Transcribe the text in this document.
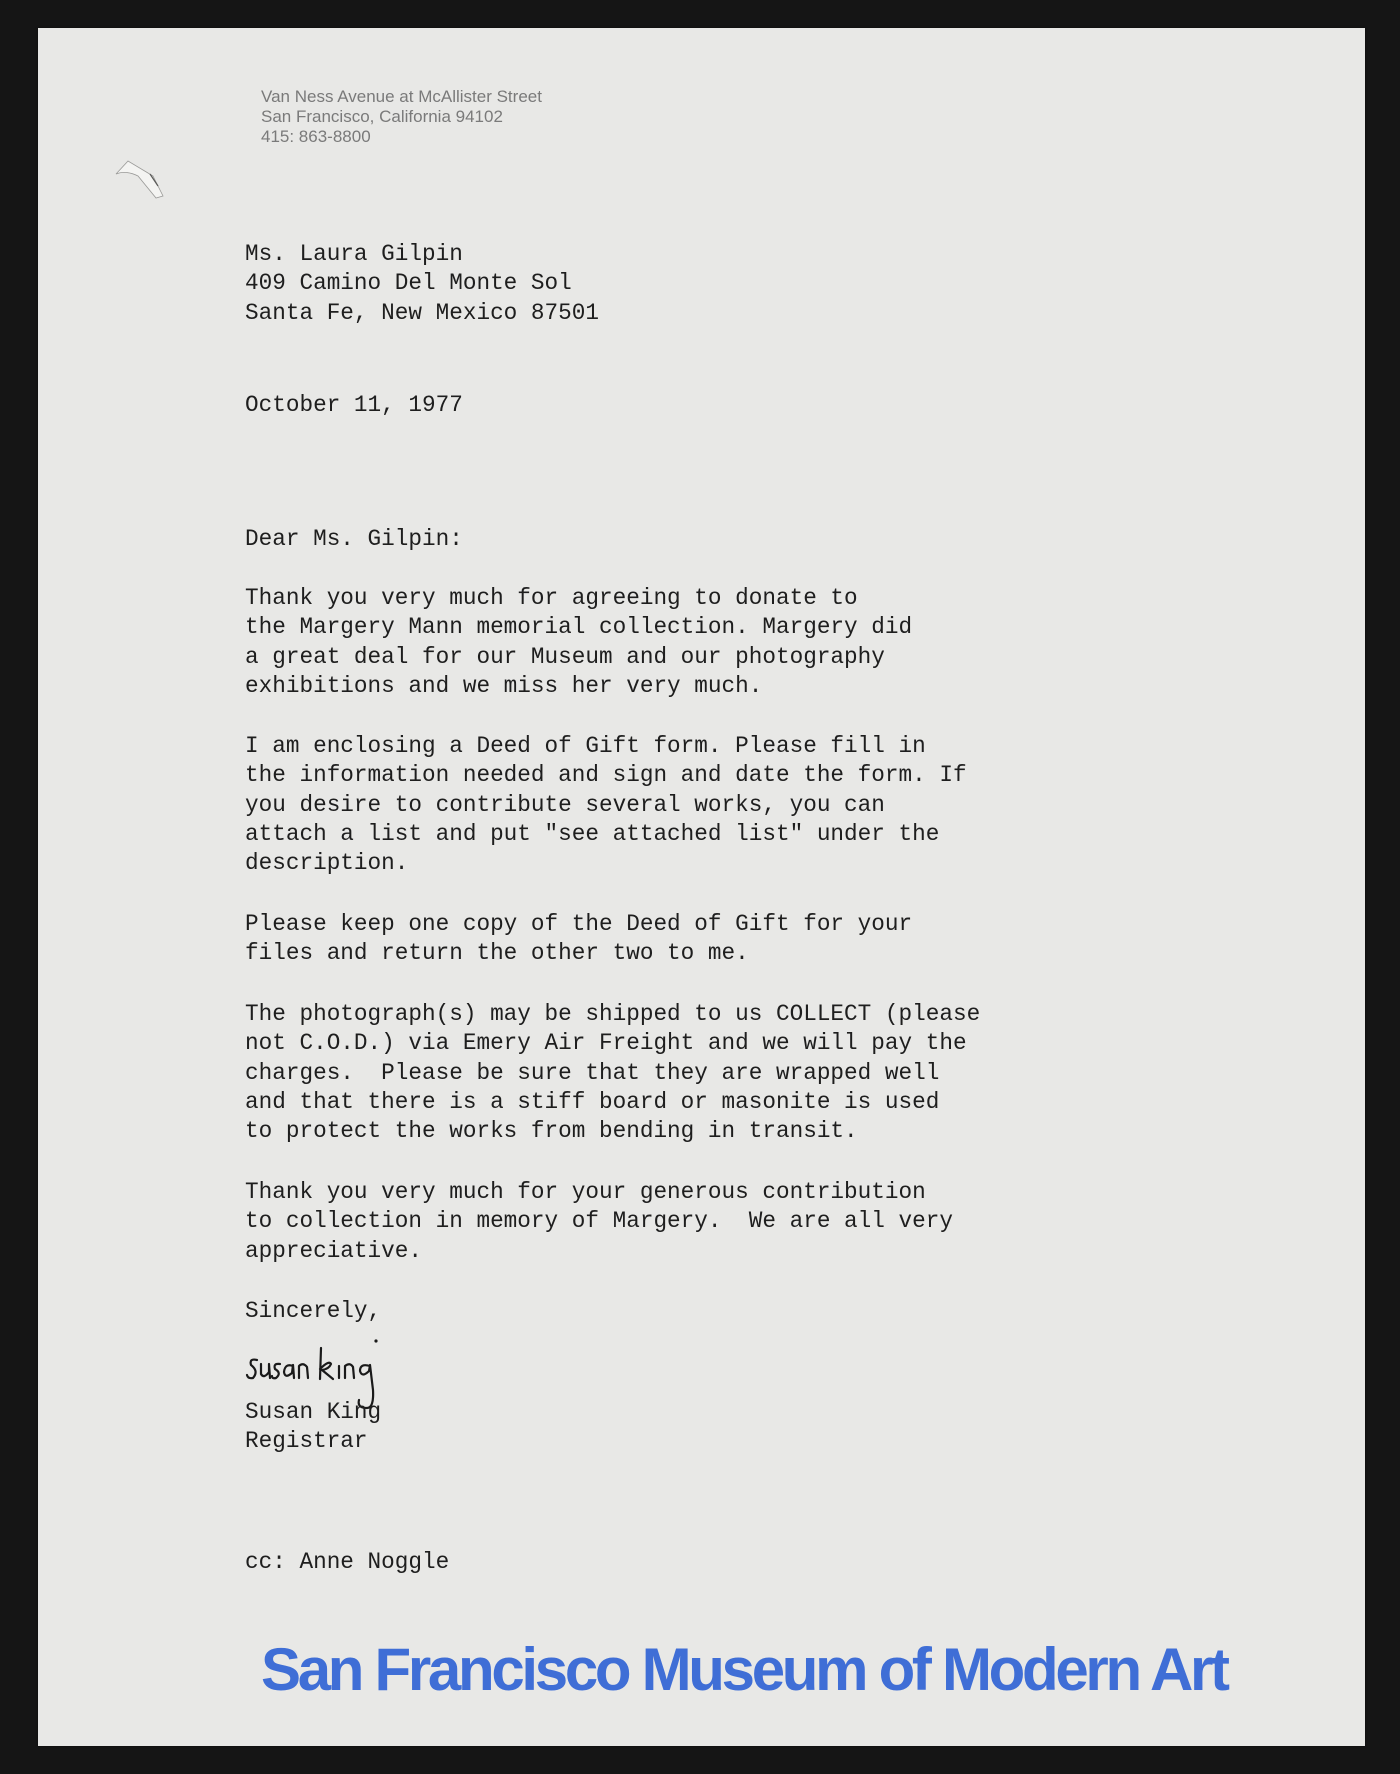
Van Ness Avenue at McAllister Street
San Francisco, California 94102
415: 863-8800
Ms. Laura Gilpin
409 Camino Del Monte Sol
Santa Fe, New Mexico 87501
October 11, 1977
Dear Ms. Gilpin:
Thank you very much for agreeing to donate to
the Margery Mann memorial collection. Margery did
a great deal for our Museum and our photography
exhibitions and we miss her very much.
I am enclosing a Deed of Gift form. Please fill in
the information needed and sign and date the form. If
you desire to contribute several works, you can
attach a list and put "see attached list" under the
description.
Please keep one copy of the Deed of Gift for your
files and return the other two to me.
The photograph(s) may be shipped to us COLLECT (please
not C.O.D.) via Emery Air Freight and we will pay the
charges.  Please be sure that they are wrapped well
and that there is a stiff board or masonite is used
to protect the works from bending in transit.
Thank you very much for your generous contribution
to collection in memory of Margery.  We are all very
appreciative.
Sincerely,
Susan King
Registrar
cc: Anne Noggle
San Francisco Museum of Modern Art
